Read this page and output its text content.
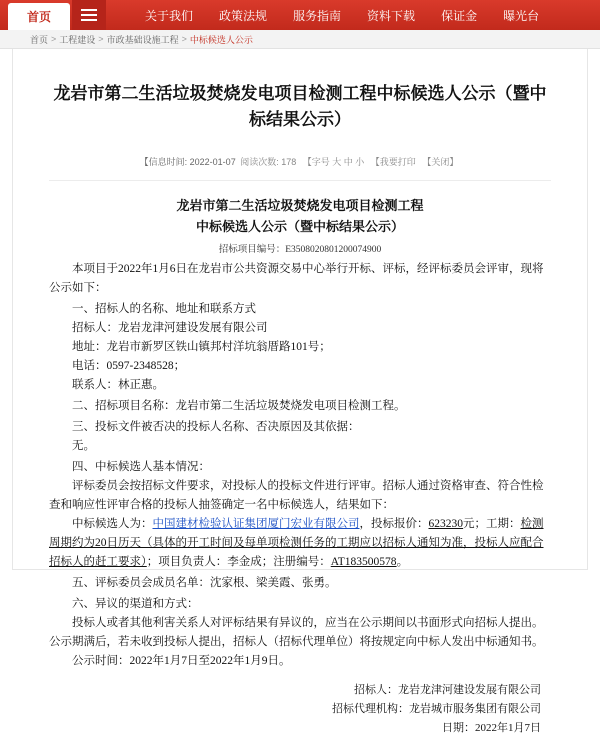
首页	关于我们	政策法规	服务指南	资料下载	保证金	曝光台
首页 > 工程建设 > 市政基础设施工程 > 中标候选人公示
龙岩市第二生活垃圾焚烧发电项目检测工程中标候选人公示（暨中标结果公示）
【信息时间: 2022-01-07 阅读次数: 178 【字号 大 中 小 【我要打印 【关闭】
龙岩市第二生活垃圾焚烧发电项目检测工程
中标候选人公示（暨中标结果公示）
招标项目编号：E3508020801200074900

本项目于2022年1月6日在龙岩市公共资源交易中心举行开标、评标，经评标委员会评审，现将公示如下：

一、招标人的名称、地址和联系方式

招标人：龙岩龙津河建设发展有限公司

地址：龙岩市新罗区铁山镇邦村洋坑翁厝路101号；

电话：0597-2348528；

联系人：林正惠。

二、招标项目名称：龙岩市第二生活垃圾焚烧发电项目检测工程。

三、投标文件被否决的投标人名称、否决原因及其依据：

无。

四、中标候选人基本情况：

评标委员会按招标文件要求，对投标人的投标文件进行评审。招标人通过资格审查、符合性检查和响应性评审合格的投标人抽签确定一名中标候选人，结果如下：

中标候选人为：中国建材检验认证集团厦门宏业有限公司，投标报价：623230元；工期：检测周期约为20日历天（具体的开工时间及每单项检测任务的工期应以招标人通知为准，投标人应配合招标人的赶工要求）；项目负责人：李金成；注册编号：AT183500578。

五、评标委员会成员名单：沈家根、梁美霞、张勇。

六、异议的渠道和方式：

投标人或者其他利害关系人对评标结果有异议的，应当在公示期间以书面形式向招标人提出。公示期满后，若未收到投标人提出，招标人（招标代理单位）将按规定向中标人发出中标通知书。

公示时间：2022年1月7日至2022年1月9日。

招标人：龙岩龙津河建设发展有限公司
招标代理机构：龙岩城市服务集团有限公司
日期：2022年1月7日
